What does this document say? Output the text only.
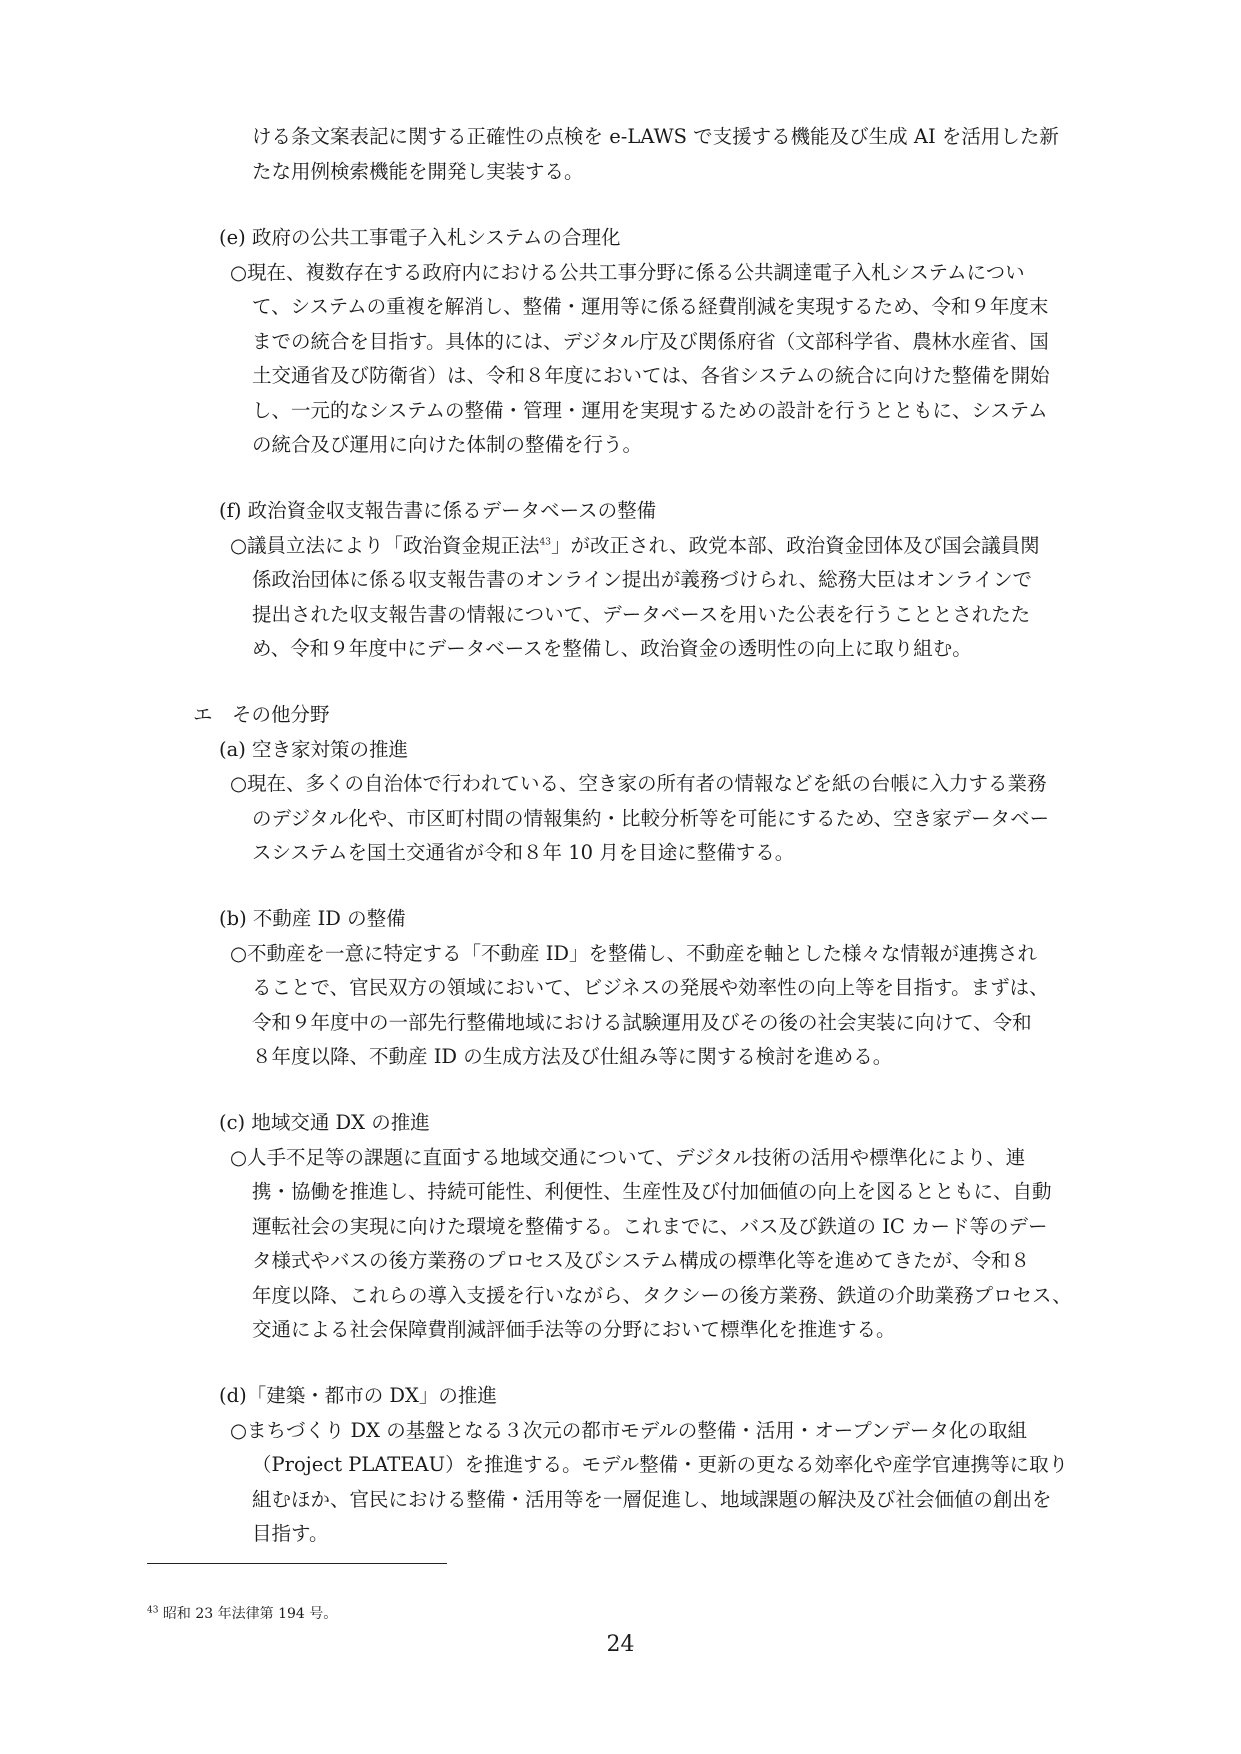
ける条文案表記に関する正確性の点検を e-LAWS で支援する機能及び生成 AI を活用した新
たな用例検索機能を開発し実装する。
(e) 政府の公共工事電子入札システムの合理化
○現在、複数存在する政府内における公共工事分野に係る公共調達電子入札システムについ
て、システムの重複を解消し、整備・運用等に係る経費削減を実現するため、令和９年度末
までの統合を目指す。具体的には、デジタル庁及び関係府省（文部科学省、農林水産省、国
土交通省及び防衛省）は、令和８年度においては、各省システムの統合に向けた整備を開始
し、一元的なシステムの整備・管理・運用を実現するための設計を行うとともに、システム
の統合及び運用に向けた体制の整備を行う。
(f) 政治資金収支報告書に係るデータベースの整備
○議員立法により「政治資金規正法$^{43}$」が改正され、政党本部、政治資金団体及び国会議員関
係政治団体に係る収支報告書のオンライン提出が義務づけられ、総務大臣はオンラインで
提出された収支報告書の情報について、データベースを用いた公表を行うこととされたた
め、令和９年度中にデータベースを整備し、政治資金の透明性の向上に取り組む。
エ　その他分野
(a) 空き家対策の推進
○現在、多くの自治体で行われている、空き家の所有者の情報などを紙の台帳に入力する業務
のデジタル化や、市区町村間の情報集約・比較分析等を可能にするため、空き家データベー
スシステムを国土交通省が令和８年 10 月を目途に整備する。
(b) 不動産 ID の整備
○不動産を一意に特定する「不動産 ID」を整備し、不動産を軸とした様々な情報が連携され
ることで、官民双方の領域において、ビジネスの発展や効率性の向上等を目指す。まずは、
令和９年度中の一部先行整備地域における試験運用及びその後の社会実装に向けて、令和
８年度以降、不動産 ID の生成方法及び仕組み等に関する検討を進める。
(c) 地域交通 DX の推進
○人手不足等の課題に直面する地域交通について、デジタル技術の活用や標準化により、連
携・協働を推進し、持続可能性、利便性、生産性及び付加価値の向上を図るとともに、自動
運転社会の実現に向けた環境を整備する。これまでに、バス及び鉄道の IC カード等のデー
タ様式やバスの後方業務のプロセス及びシステム構成の標準化等を進めてきたが、令和８
年度以降、これらの導入支援を行いながら、タクシーの後方業務、鉄道の介助業務プロセス、
交通による社会保障費削減評価手法等の分野において標準化を推進する。
(d)「建築・都市の DX」の推進
○まちづくり DX の基盤となる３次元の都市モデルの整備・活用・オープンデータ化の取組
（Project PLATEAU）を推進する。モデル整備・更新の更なる効率化や産学官連携等に取り
組むほか、官民における整備・活用等を一層促進し、地域課題の解決及び社会価値の創出を
目指す。
$^{43}$ 昭和 23 年法律第 194 号。
24
